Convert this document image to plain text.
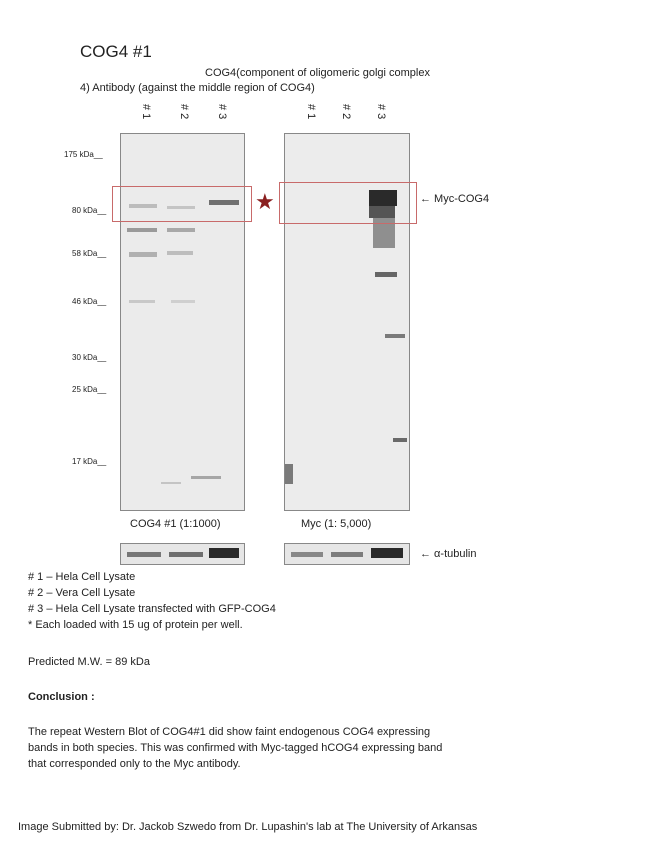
COG4 #1
COG4(component of oligomeric golgi complex
4) Antibody (against the middle region of COG4)
# 1 # 2 # 3	# 1 # 2 # 3
175 kDa__
80 kDa__
58 kDa__
46 kDa__
30 kDa__
25 kDa__
17 kDa__
★	← Myc-COG4
COG4 #1 (1:1000)	Myc (1: 5,000)
← α-tubulin
# 1 – Hela Cell Lysate
# 2 – Vera Cell Lysate
# 3 – Hela Cell Lysate transfected with GFP-COG4
* Each loaded with 15 ug of protein per well.
Predicted M.W. = 89 kDa
Conclusion :
The repeat Western Blot of COG4#1 did show faint endogenous COG4 expressing
bands in both species. This was confirmed with Myc-tagged hCOG4 expressing band
that corresponded only to the Myc antibody.
Image Submitted by: Dr. Jackob Szwedo from Dr. Lupashin's lab at The University of Arkansas
